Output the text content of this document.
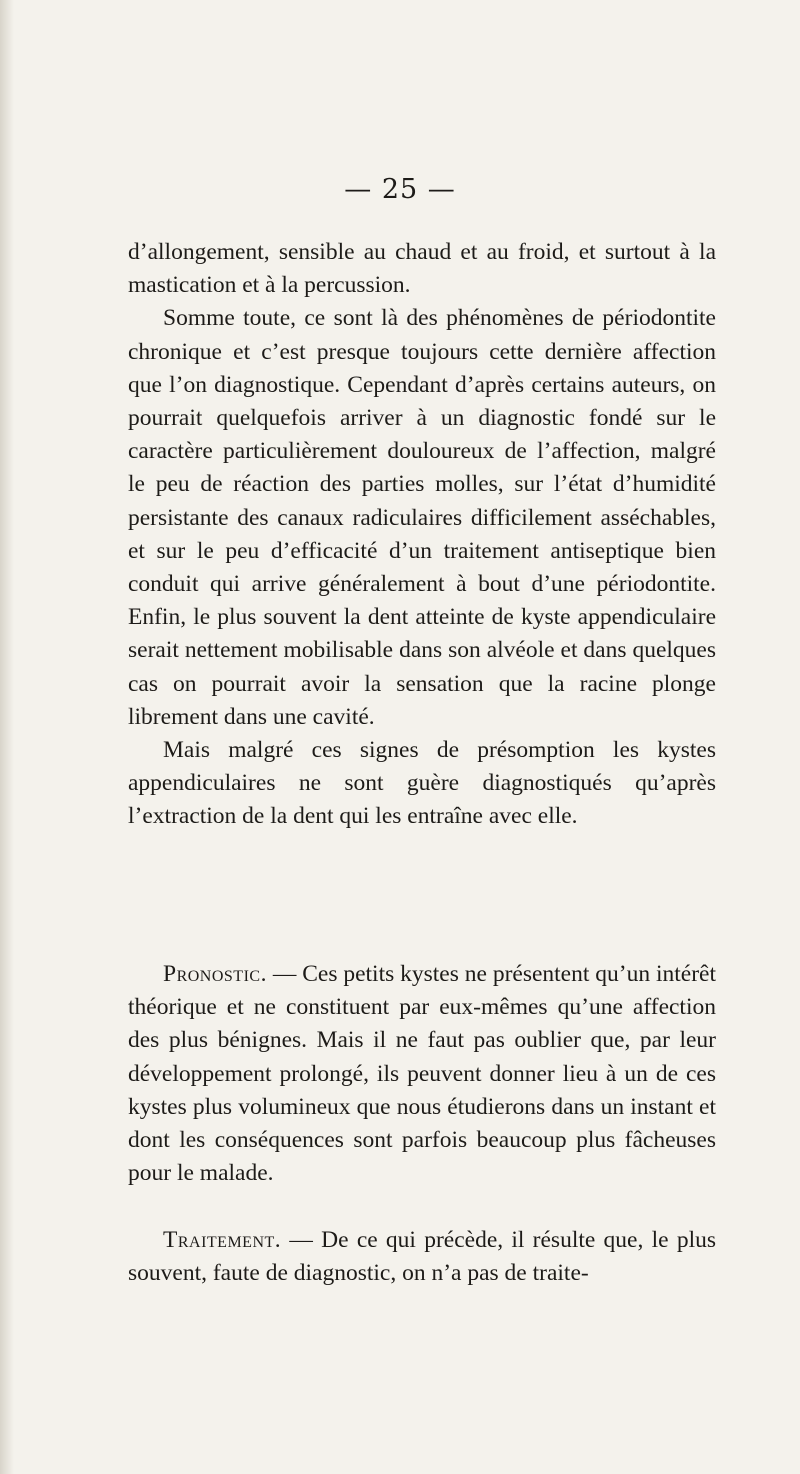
— 25 —

d’allongement, sensible au chaud et au froid, et surtout à la mastication et à la percussion.

Somme toute, ce sont là des phénomènes de périodontite chronique et c’est presque toujours cette dernière affection que l’on diagnostique. Cependant d’après certains auteurs, on pourrait quelquefois arriver à un diagnostic fondé sur le caractère particulièrement douloureux de l’affection, malgré le peu de réaction des parties molles, sur l’état d’humidité persistante des canaux radiculaires difficilement asséchables, et sur le peu d’efficacité d’un traitement antiseptique bien conduit qui arrive généralement à bout d’une périodontite. Enfin, le plus souvent la dent atteinte de kyste appendiculaire serait nettement mobilisable dans son alvéole et dans quelques cas on pourrait avoir la sensation que la racine plonge librement dans une cavité.

Mais malgré ces signes de présomption les kystes appendiculaires ne sont guère diagnostiqués qu’après l’extraction de la dent qui les entraîne avec elle.

Pronostic. — Ces petits kystes ne présentent qu’un intérêt théorique et ne constituent par eux-mêmes qu’une affection des plus bénignes. Mais il ne faut pas oublier que, par leur développement prolongé, ils peuvent donner lieu à un de ces kystes plus volumineux que nous étudierons dans un instant et dont les conséquences sont parfois beaucoup plus fâcheuses pour le malade.

Traitement. — De ce qui précède, il résulte que, le plus souvent, faute de diagnostic, on n’a pas de traite-
